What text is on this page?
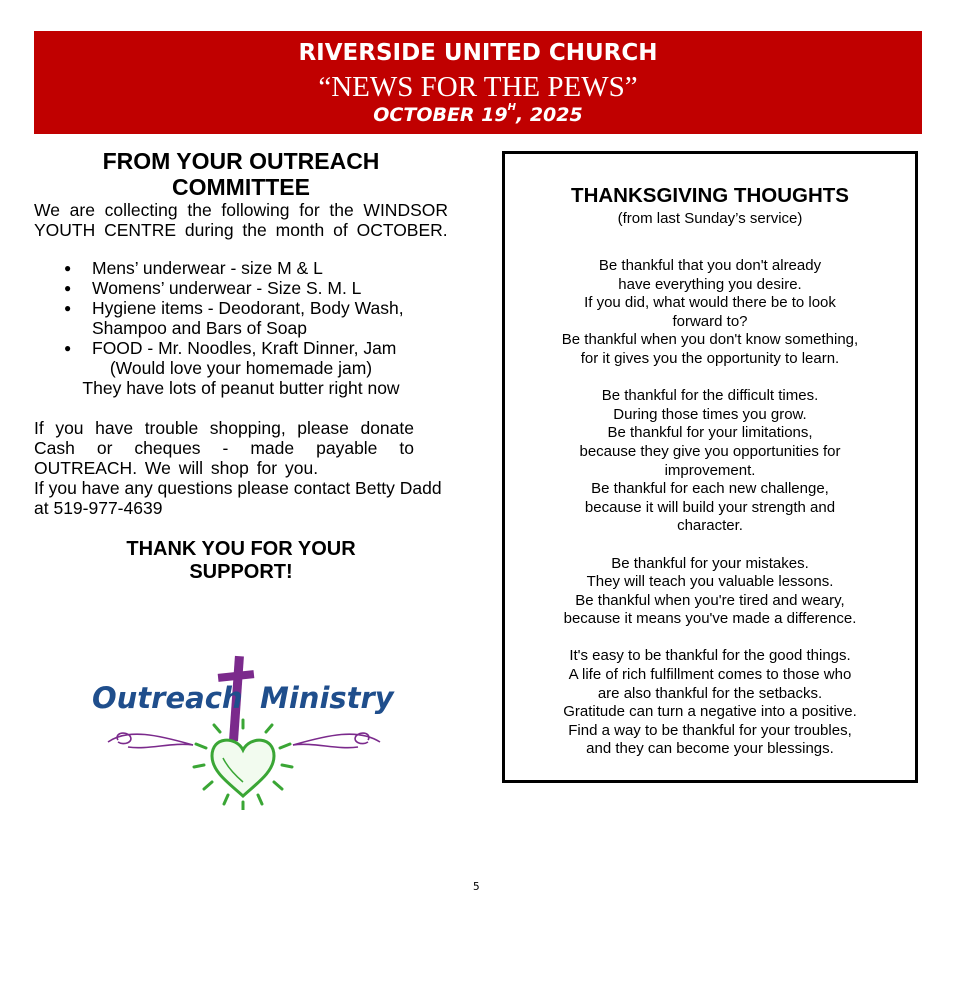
RIVERSIDE UNITED CHURCH
“NEWS FOR THE PEWS”
OCTOBER $19^H$, 2025
FROM YOUR OUTREACH
COMMITTEE

We are collecting the following for the WINDSOR YOUTH CENTRE during the month of OCTOBER.

● Mens’ underwear - size M & L
● Womens’ underwear - Size S. M. L
● Hygiene items - Deodorant, Body Wash, Shampoo and Bars of Soap
● FOOD - Mr. Noodles, Kraft Dinner, Jam

(Would love your homemade jam)

They have lots of peanut butter right now

If you have trouble shopping, please donate Cash or cheques - made payable to OUTREACH. We will shop for you.

If you have any questions please contact Betty Dadd at 519-977-4639

THANK YOU FOR YOUR
SUPPORT!

Outreach Ministry
THANKSGIVING THOUGHTS
(from last Sunday’s service)
Be thankful that you don't already
have everything you desire.
If you did, what would there be to look
forward to?
Be thankful when you don't know something,
for it gives you the opportunity to learn.
Be thankful for the difficult times.
During those times you grow.
Be thankful for your limitations,
because they give you opportunities for
improvement.
Be thankful for each new challenge,
because it will build your strength and
character.
Be thankful for your mistakes.
They will teach you valuable lessons.
Be thankful when you're tired and weary,
because it means you've made a difference.
It's easy to be thankful for the good things.
A life of rich fulfillment comes to those who
are also thankful for the setbacks.
Gratitude can turn a negative into a positive.
Find a way to be thankful for your troubles,
and they can become your blessings.
5
